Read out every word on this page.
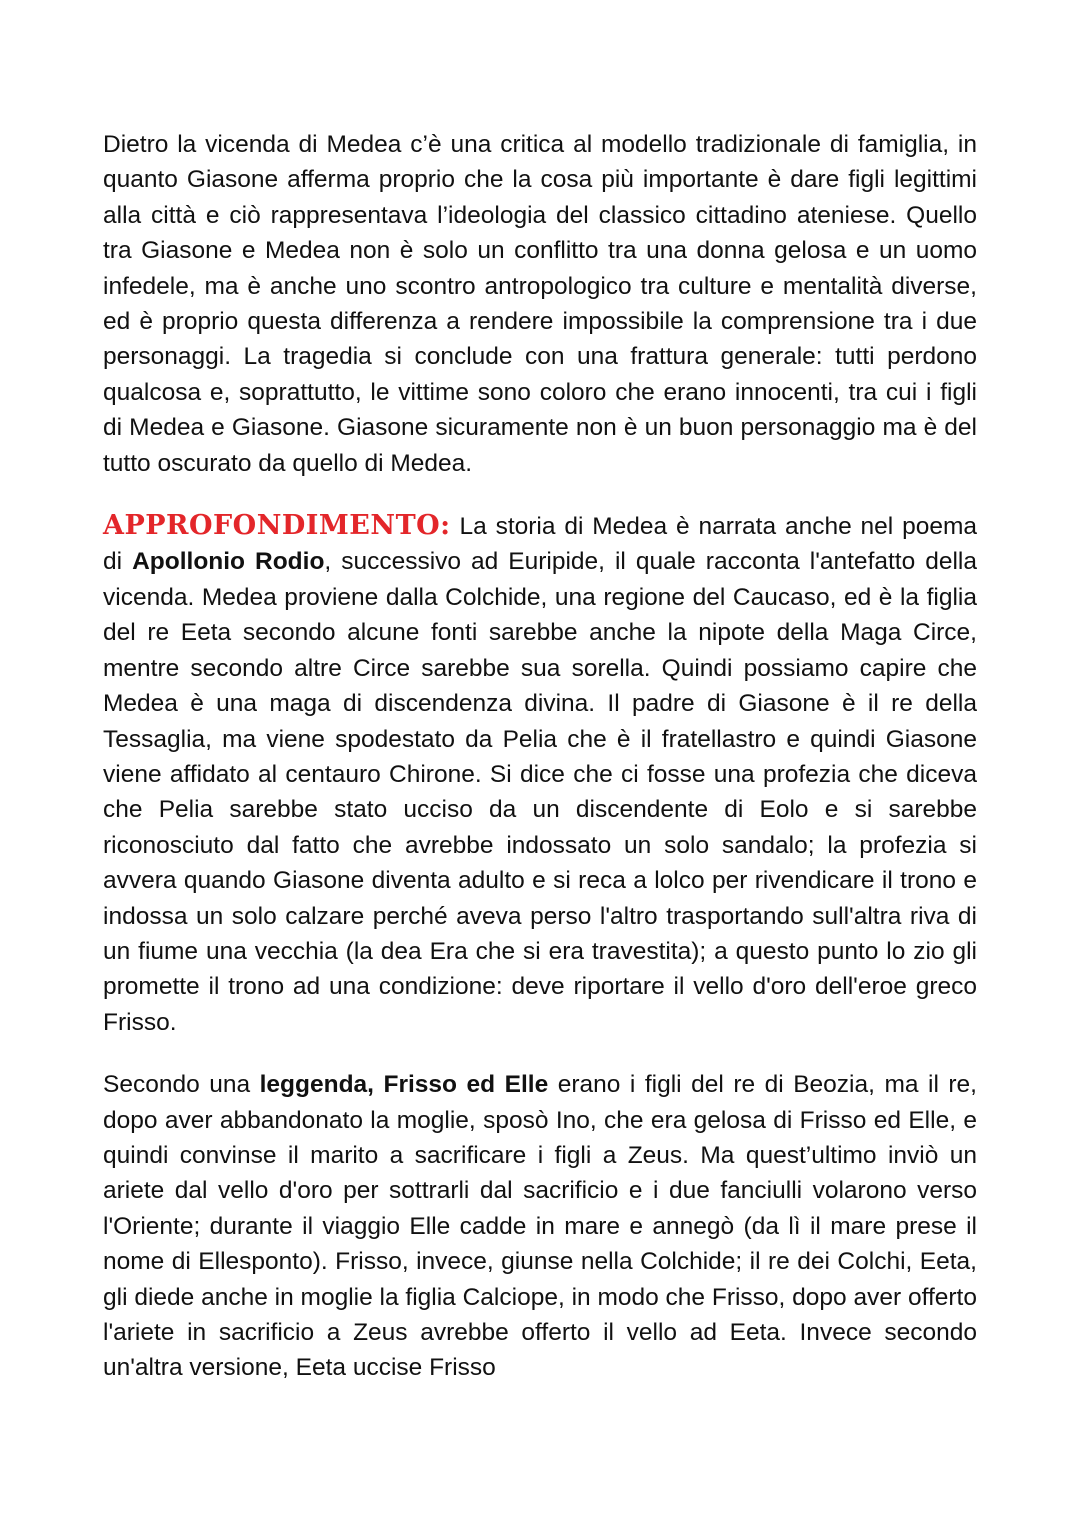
Dietro la vicenda di Medea c’è una critica al modello tradizionale di famiglia, in quanto Giasone afferma proprio che la cosa più importante è dare figli legittimi alla città e ciò rappresentava l’ideologia del classico cittadino ateniese. Quello tra Giasone e Medea non è solo un conflitto tra una donna gelosa e un uomo infedele, ma è anche uno scontro antropologico tra culture e mentalità diverse, ed è proprio questa differenza a rendere impossibile la comprensione tra i due personaggi. La tragedia si conclude con una frattura generale: tutti perdono qualcosa e, soprattutto, le vittime sono coloro che erano innocenti, tra cui i figli di Medea e Giasone. Giasone sicuramente non è un buon personaggio ma è del tutto oscurato da quello di Medea.

APPROFONDIMENTO: La storia di Medea è narrata anche nel poema di Apollonio Rodio, successivo ad Euripide, il quale racconta l'antefatto della vicenda. Medea proviene dalla Colchide, una regione del Caucaso, ed è la figlia del re Eeta secondo alcune fonti sarebbe anche la nipote della Maga Circe, mentre secondo altre Circe sarebbe sua sorella. Quindi possiamo capire che Medea è una maga di discendenza divina. Il padre di Giasone è il re della Tessaglia, ma viene spodestato da Pelia che è il fratellastro e quindi Giasone viene affidato al centauro Chirone. Si dice che ci fosse una profezia che diceva che Pelia sarebbe stato ucciso da un discendente di Eolo e si sarebbe riconosciuto dal fatto che avrebbe indossato un solo sandalo; la profezia si avvera quando Giasone diventa adulto e si reca a lolco per rivendicare il trono e indossa un solo calzare perché aveva perso l'altro trasportando sull'altra riva di un fiume una vecchia (la dea Era che si era travestita); a questo punto lo zio gli promette il trono ad una condizione: deve riportare il vello d'oro dell'eroe greco Frisso.

Secondo una leggenda, Frisso ed Elle erano i figli del re di Beozia, ma il re, dopo aver abbandonato la moglie, sposò Ino, che era gelosa di Frisso ed Elle, e quindi convinse il marito a sacrificare i figli a Zeus. Ma quest’ultimo inviò un ariete dal vello d'oro per sottrarli dal sacrificio e i due fanciulli volarono verso l'Oriente; durante il viaggio Elle cadde in mare e annegò (da lì il mare prese il nome di Ellesponto). Frisso, invece, giunse nella Colchide; il re dei Colchi, Eeta, gli diede anche in moglie la figlia Calciope, in modo che Frisso, dopo aver offerto l'ariete in sacrificio a Zeus avrebbe offerto il vello ad Eeta. Invece secondo un'altra versione, Eeta uccise Frisso
